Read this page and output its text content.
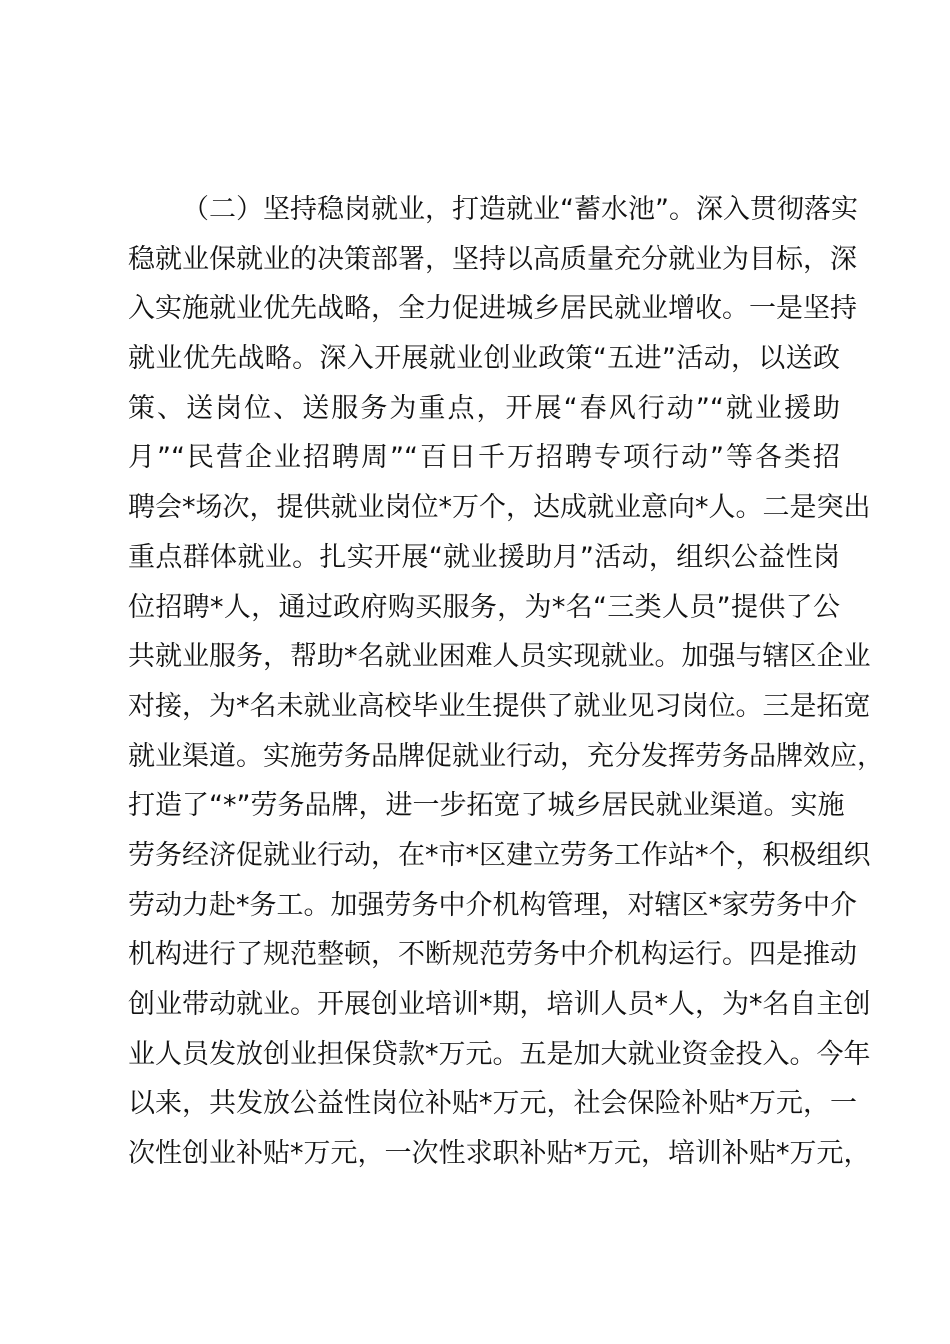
（二）坚持稳岗就业，打造就业“蓄水池”。深入贯彻落实
稳就业保就业的决策部署，坚持以高质量充分就业为目标，深
入实施就业优先战略，全力促进城乡居民就业增收。一是坚持
就业优先战略。深入开展就业创业政策“五进”活动，以送政
策、送岗位、送服务为重点，开展“春风行动”“就业援助
月”“民营企业招聘周”“百日千万招聘专项行动”等各类招
聘会*场次，提供就业岗位*万个，达成就业意向*人。二是突出
重点群体就业。扎实开展“就业援助月”活动，组织公益性岗
位招聘*人，通过政府购买服务，为*名“三类人员”提供了公
共就业服务，帮助*名就业困难人员实现就业。加强与辖区企业
对接，为*名未就业高校毕业生提供了就业见习岗位。三是拓宽
就业渠道。实施劳务品牌促就业行动，充分发挥劳务品牌效应，
打造了“*”劳务品牌，进一步拓宽了城乡居民就业渠道。实施
劳务经济促就业行动，在*市*区建立劳务工作站*个，积极组织
劳动力赴*务工。加强劳务中介机构管理，对辖区*家劳务中介
机构进行了规范整顿，不断规范劳务中介机构运行。四是推动
创业带动就业。开展创业培训*期，培训人员*人，为*名自主创
业人员发放创业担保贷款*万元。五是加大就业资金投入。今年
以来，共发放公益性岗位补贴*万元，社会保险补贴*万元，一
次性创业补贴*万元，一次性求职补贴*万元，培训补贴*万元，
